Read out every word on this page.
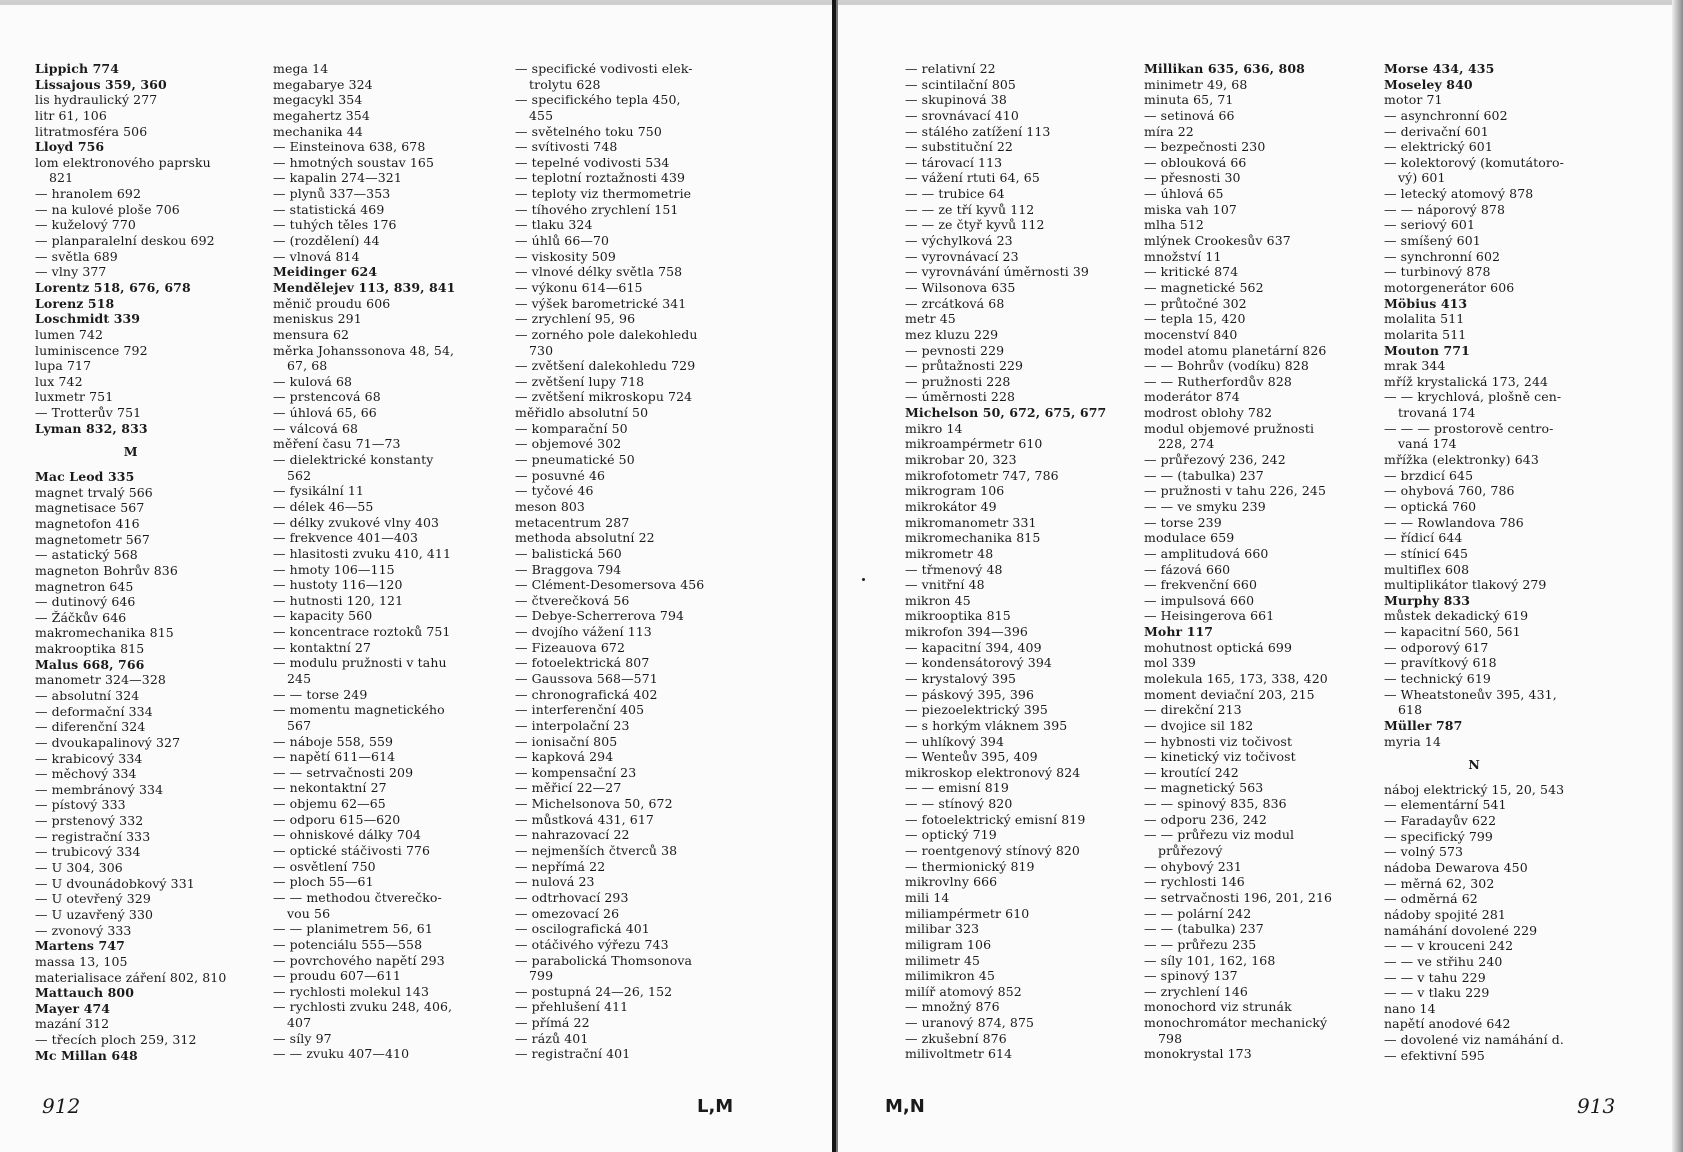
Lippich 774
Lissajous 359, 360
lis hydraulický 277
litr 61, 106
litratmosféra 506
Lloyd 756
lom elektronového paprsku
821
— hranolem 692
— na kulové ploše 706
— kuželový 770
— planparalelní deskou 692
— světla 689
— vlny 377
Lorentz 518, 676, 678
Lorenz 518
Loschmidt 339
lumen 742
luminiscence 792
lupa 717
lux 742
luxmetr 751
— Trotterův 751
Lyman 832, 833
M
Mac Leod 335
magnet trvalý 566
magnetisace 567
magnetofon 416
magnetometr 567
— astatický 568
magneton Bohrův 836
magnetron 645
— dutinový 646
— Žáčkův 646
makromechanika 815
makrooptika 815
Malus 668, 766
manometr 324—328
— absolutní 324
— deformační 334
— diferenční 324
— dvoukapalinový 327
— krabicový 334
— měchový 334
— membránový 334
— pístový 333
— prstenový 332
— registrační 333
— trubicový 334
— U 304, 306
— U dvounádobkový 331
— U otevřený 329
— U uzavřený 330
— zvonový 333
Martens 747
massa 13, 105
materialisace záření 802, 810
Mattauch 800
Mayer 474
mazání 312
— třecích ploch 259, 312
Mc Millan 648
mega 14
megabarye 324
megacykl 354
megahertz 354
mechanika 44
— Einsteinova 638, 678
— hmotných soustav 165
— kapalin 274—321
— plynů 337—353
— statistická 469
— tuhých těles 176
— (rozdělení) 44
— vlnová 814
Meidinger 624
Mendělejev 113, 839, 841
měnič proudu 606
meniskus 291
mensura 62
měrka Johanssonova 48, 54,
67, 68
— kulová 68
— prstencová 68
— úhlová 65, 66
— válcová 68
měření času 71—73
— dielektrické konstanty
562
— fysikální 11
— délek 46—55
— délky zvukové vlny 403
— frekvence 401—403
— hlasitosti zvuku 410, 411
— hmoty 106—115
— hustoty 116—120
— hutnosti 120, 121
— kapacity 560
— koncentrace roztoků 751
— kontaktní 27
— modulu pružnosti v tahu
245
— — torse 249
— momentu magnetického
567
— náboje 558, 559
— napětí 611—614
— — setrvačnosti 209
— nekontaktní 27
— objemu 62—65
— odporu 615—620
— ohniskové dálky 704
— optické stáčivosti 776
— osvětlení 750
— ploch 55—61
— — methodou čtverečko-
vou 56
— — planimetrem 56, 61
— potenciálu 555—558
— povrchového napětí 293
— proudu 607—611
— rychlosti molekul 143
— rychlosti zvuku 248, 406,
407
— síly 97
— — zvuku 407—410
— specifické vodivosti elek-
trolytu 628
— specifického tepla 450,
455
— světelného toku 750
— svítivosti 748
— tepelné vodivosti 534
— teplotní roztažnosti 439
— teploty viz thermometrie
— tíhového zrychlení 151
— tlaku 324
— úhlů 66—70
— viskosity 509
— vlnové délky světla 758
— výkonu 614—615
— výšek barometrické 341
— zrychlení 95, 96
— zorného pole dalekohledu
730
— zvětšení dalekohledu 729
— zvětšení lupy 718
— zvětšení mikroskopu 724
měřidlo absolutní 50
— komparační 50
— objemové 302
— pneumatické 50
— posuvné 46
— tyčové 46
meson 803
metacentrum 287
methoda absolutní 22
— balistická 560
— Braggova 794
— Clément-Desomersova 456
— čtverečková 56
— Debye-Scherrerova 794
— dvojího vážení 113
— Fizeauova 672
— fotoelektrická 807
— Gaussova 568—571
— chronografická 402
— interferenční 405
— interpolační 23
— ionisační 805
— kapková 294
— kompensační 23
— měřicí 22—27
— Michelsonova 50, 672
— můstková 431, 617
— nahrazovací 22
— nejmenších čtverců 38
— nepřímá 22
— nulová 23
— odtrhovací 293
— omezovací 26
— oscilografická 401
— otáčivého výřezu 743
— parabolická Thomsonova
799
— postupná 24—26, 152
— přehlušení 411
— přímá 22
— rázů 401
— registrační 401
912	L,M
— relativní 22
— scintilační 805
— skupinová 38
— srovnávací 410
— stálého zatížení 113
— substituční 22
— tárovací 113
— vážení rtuti 64, 65
— — trubice 64
— — ze tří kyvů 112
— — ze čtyř kyvů 112
— výchylková 23
— vyrovnávací 23
— vyrovnávání úměrnosti 39
— Wilsonova 635
— zrcátková 68
metr 45
mez kluzu 229
— pevnosti 229
— průtažnosti 229
— pružnosti 228
— úměrnosti 228
Michelson 50, 672, 675, 677
mikro 14
mikroampérmetr 610
mikrobar 20, 323
mikrofotometr 747, 786
mikrogram 106
mikrokátor 49
mikromanometr 331
mikromechanika 815
mikrometr 48
— třmenový 48
— vnitřní 48
mikron 45
mikrooptika 815
mikrofon 394—396
— kapacitní 394, 409
— kondensátorový 394
— krystalový 395
— páskový 395, 396
— piezoelektrický 395
— s horkým vláknem 395
— uhlíkový 394
— Wenteův 395, 409
mikroskop elektronový 824
— — emisní 819
— — stínový 820
— fotoelektrický emisní 819
— optický 719
— roentgenový stínový 820
— thermionický 819
mikrovlny 666
mili 14
miliampérmetr 610
milibar 323
miligram 106
milimetr 45
milimikron 45
milíř atomový 852
— množný 876
— uranový 874, 875
— zkušební 876
milivoltmetr 614
Millikan 635, 636, 808
minimetr 49, 68
minuta 65, 71
— setinová 66
míra 22
— bezpečnosti 230
— oblouková 66
— přesnosti 30
— úhlová 65
miska vah 107
mlha 512
mlýnek Crookesův 637
množství 11
— kritické 874
— magnetické 562
— průtočné 302
— tepla 15, 420
mocenství 840
model atomu planetární 826
— — Bohrův (vodíku) 828
— — Rutherfordův 828
moderátor 874
modrost oblohy 782
modul objemové pružnosti
228, 274
— průřezový 236, 242
— — (tabulka) 237
— pružnosti v tahu 226, 245
— — ve smyku 239
— torse 239
modulace 659
— amplitudová 660
— fázová 660
— frekvenční 660
— impulsová 660
— Heisingerova 661
Mohr 117
mohutnost optická 699
mol 339
molekula 165, 173, 338, 420
moment deviační 203, 215
— direkční 213
— dvojice sil 182
— hybnosti viz točivost
— kinetický viz točivost
— kroutící 242
— magnetický 563
— — spinový 835, 836
— odporu 236, 242
— — průřezu viz modul
průřezový
— ohybový 231
— rychlosti 146
— setrvačnosti 196, 201, 216
— — polární 242
— — (tabulka) 237
— — průřezu 235
— síly 101, 162, 168
— spinový 137
— zrychlení 146
monochord viz strunák
monochromátor mechanický
798
monokrystal 173
Morse 434, 435
Moseley 840
motor 71
— asynchronní 602
— derivační 601
— elektrický 601
— kolektorový (komutátoro-
vý) 601
— letecký atomový 878
— — náporový 878
— seriový 601
— smíšený 601
— synchronní 602
— turbinový 878
motorgenerátor 606
Möbius 413
molalita 511
molarita 511
Mouton 771
mrak 344
mříž krystalická 173, 244
— — krychlová, plošně cen-
trovaná 174
— — — prostorově centro-
vaná 174
mřížka (elektronky) 643
— brzdicí 645
— ohybová 760, 786
— optická 760
— — Rowlandova 786
— řídicí 644
— stínicí 645
multiflex 608
multiplikátor tlakový 279
Murphy 833
můstek dekadický 619
— kapacitní 560, 561
— odporový 617
— pravítkový 618
— technický 619
— Wheatstoneův 395, 431,
618
Müller 787
myria 14
N
náboj elektrický 15, 20, 543
— elementární 541
— Faradayův 622
— specifický 799
— volný 573
nádoba Dewarova 450
— měrná 62, 302
— odměrná 62
nádoby spojité 281
namáhání dovolené 229
— — v krouceni 242
— — ve střihu 240
— — v tahu 229
— — v tlaku 229
nano 14
napětí anodové 642
— dovolené viz namáhání d.
— efektivní 595
913
M,N
